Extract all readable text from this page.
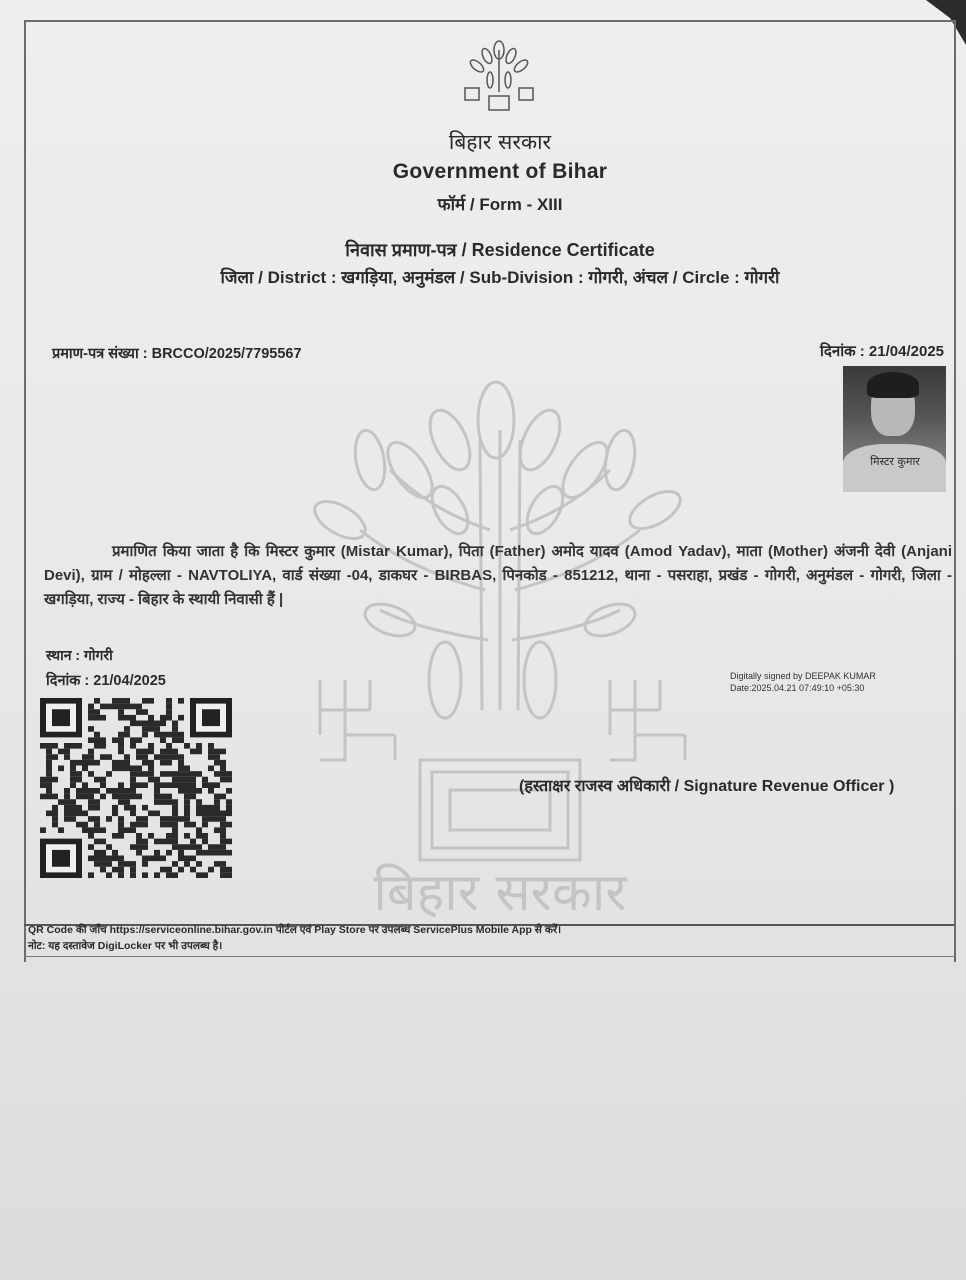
बिहार सरकार
बिहार सरकार
Government of Bihar
फॉर्म / Form - XIII
निवास प्रमाण-पत्र / Residence Certificate
जिला / District : खगड़िया, अनुमंडल / Sub-Division : गोगरी, अंचल / Circle : गोगरी
प्रमाण-पत्र संख्या : BRCCO/2025/7795567	दिनांक : 21/04/2025
मिस्टर कुमार
प्रमाणित किया जाता है कि मिस्टर कुमार (Mistar Kumar), पिता (Father) अमोद यादव (Amod Yadav), माता (Mother) अंजनी देवी (Anjani Devi), ग्राम / मोहल्ला - NAVTOLIYA, वार्ड संख्या -04, डाकघर - BIRBAS, पिनकोड - 851212, थाना - पसराहा, प्रखंड - गोगरी, अनुमंडल - गोगरी, जिला - खगड़िया, राज्य - बिहार के स्थायी निवासी हैं |
स्थान : गोगरी
दिनांक : 21/04/2025	Digitally signed by DEEPAK KUMAR
Date:2025.04.21 07:49:10 +05:30
(हस्ताक्षर राजस्व अधिकारी / Signature Revenue Officer )
QR Code की जाँच https://serviceonline.bihar.gov.in पोर्टल एवं Play Store पर उपलब्ध ServicePlus Mobile App से करें।
नोट: यह दस्तावेज DigiLocker पर भी उपलब्ध है।
